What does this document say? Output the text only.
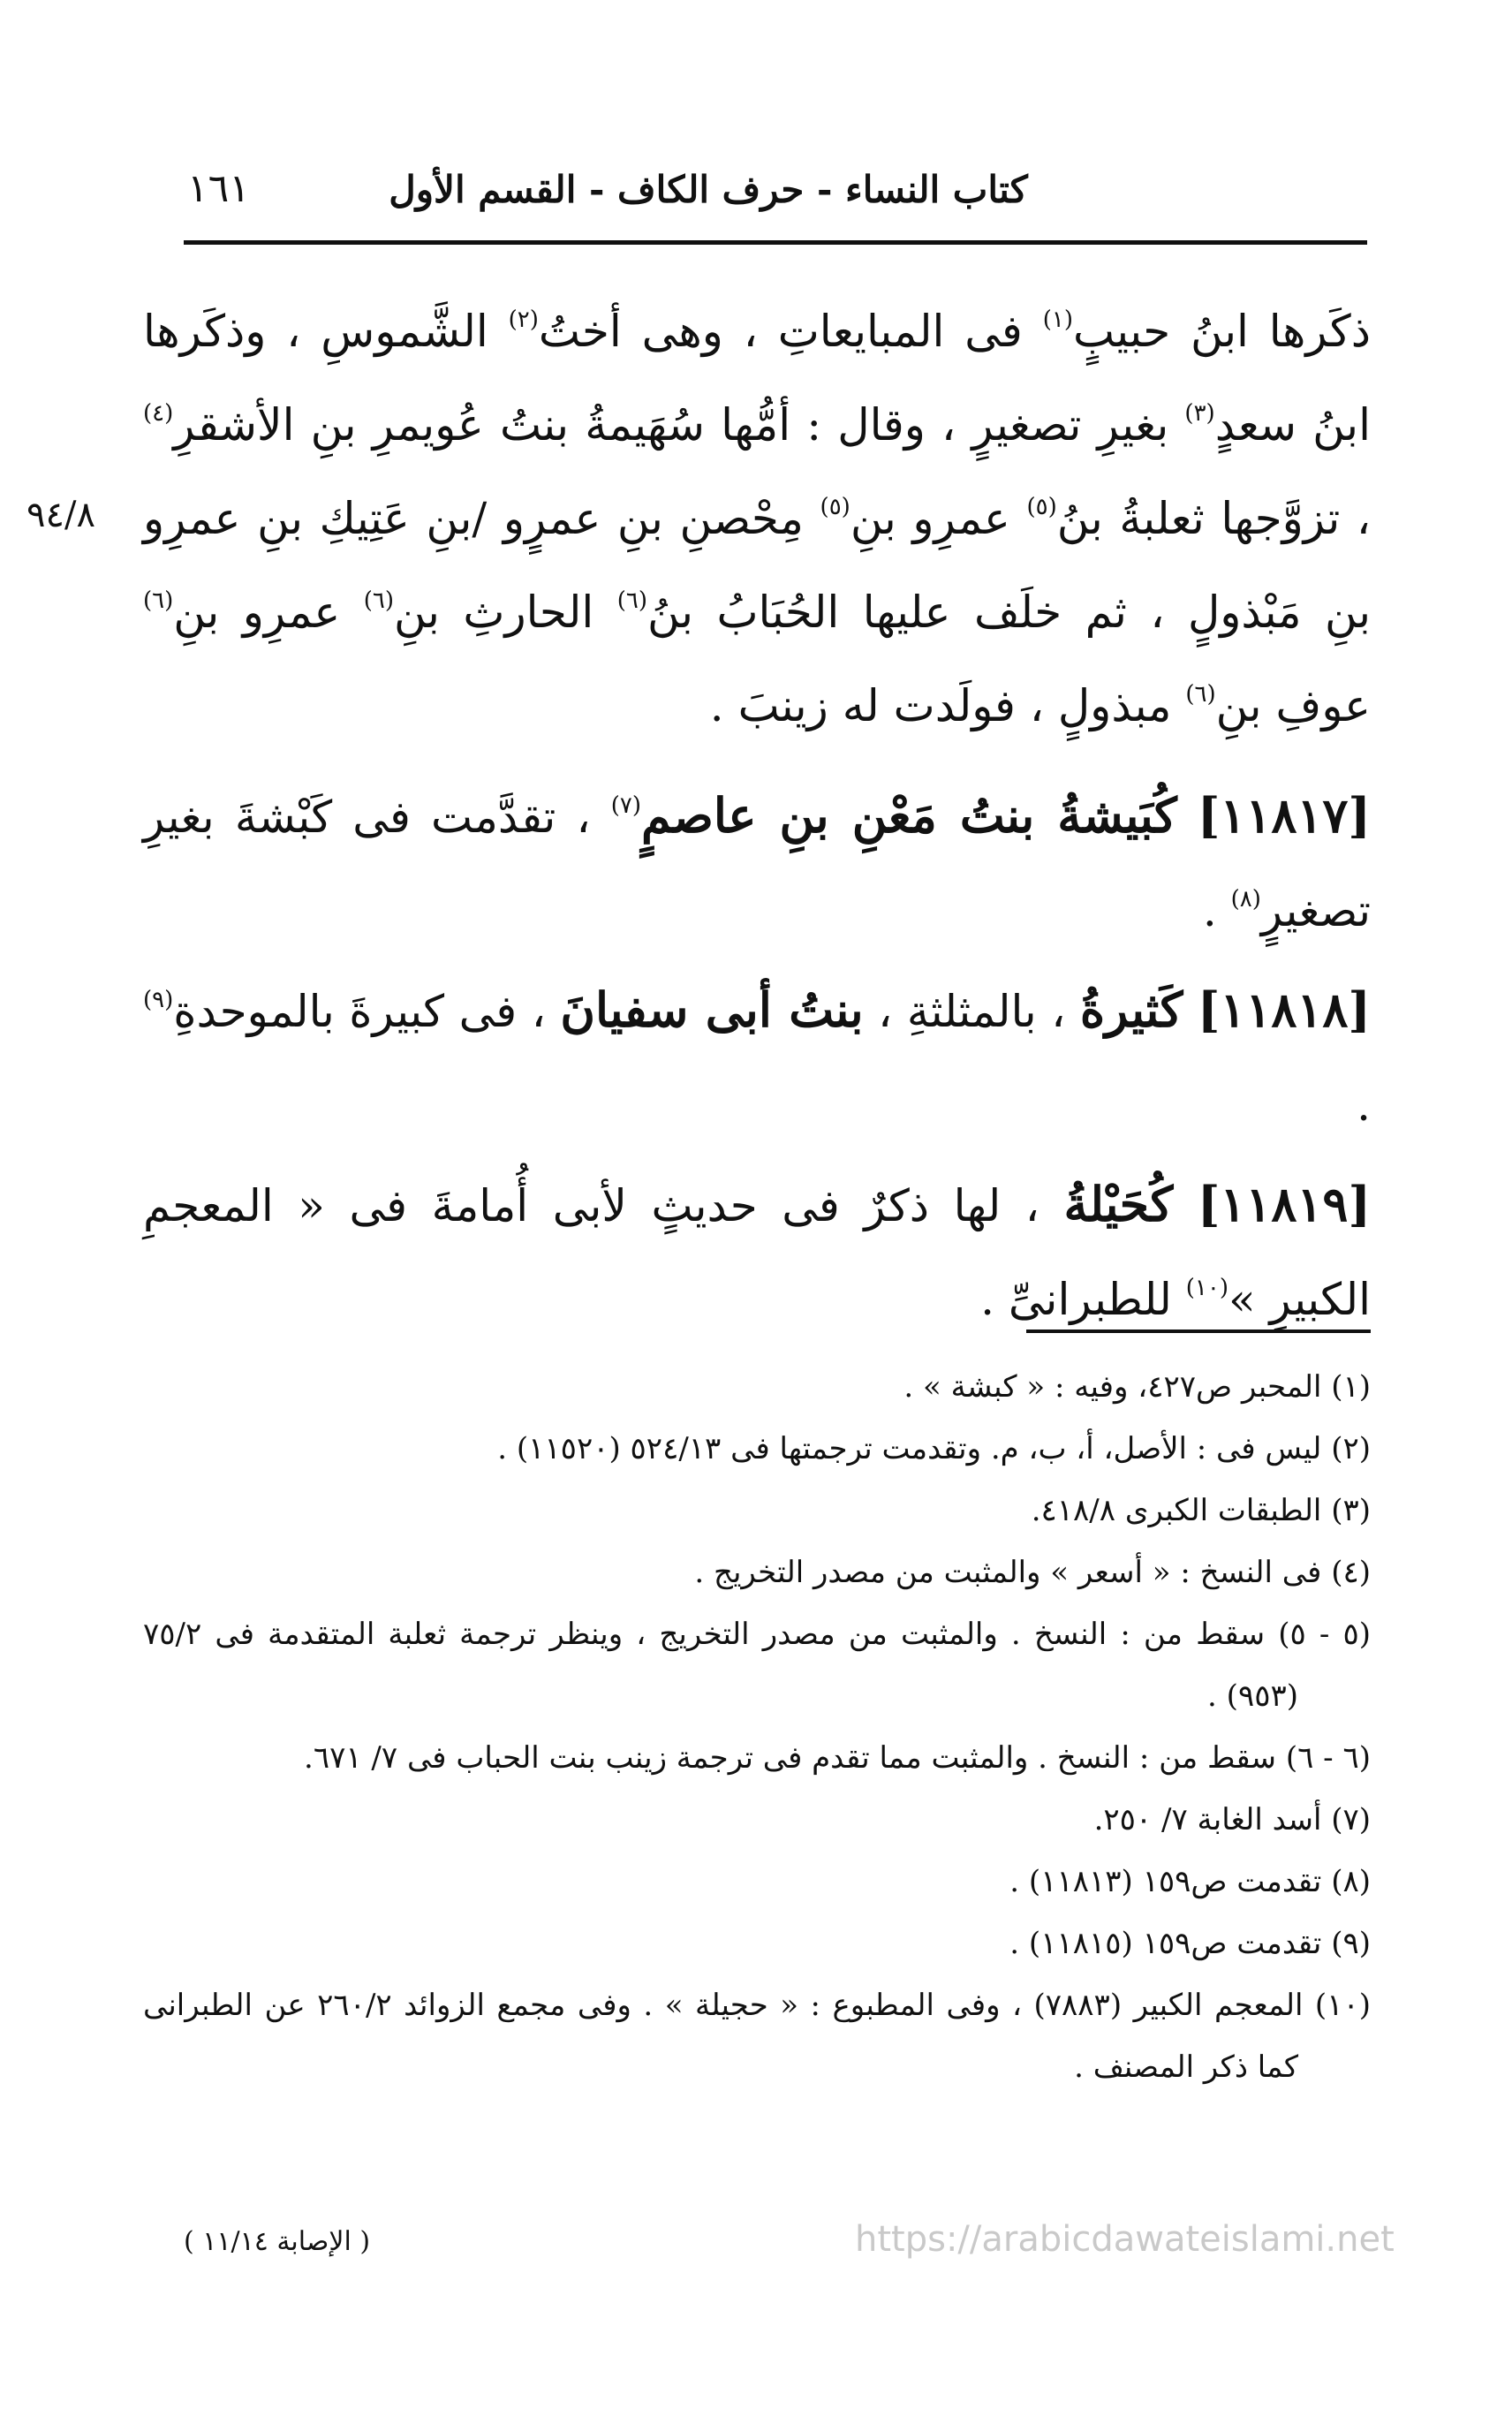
كتاب النساء - حرف الكاف - القسم الأول
١٦١
٩٤/٨

ذكَرها ابنُ حبيبٍ$^{(١)}$ فى المبايعاتِ ، وهى أختُ$^{(٢)}$ الشَّموسِ ، وذكَرها ابنُ سعدٍ$^{(٣)}$ بغيرِ تصغيرٍ ، وقال : أمُّها سُهَيمةُ بنتُ عُويمرِ بنِ الأشقرِ$^{(٤)}$ ، تزوَّجها ثعلبةُ بنُ$^{(٥)}$ عمرِو بنِ$^{(٥)}$ مِحْصنِ بنِ عمرٍو /بنِ عَتِيكِ بنِ عمرِو بنِ مَبْذولٍ ، ثم خلَف عليها الحُبَابُ بنُ$^{(٦)}$ الحارثِ بنِ$^{(٦)}$ عمرِو بنِ$^{(٦)}$ عوفِ بنِ$^{(٦)}$ مبذولٍ ، فولَدت له زينبَ .

[١١٨١٧] كُبَيشةُ بنتُ مَعْنِ بنِ عاصمٍ$^{(٧)}$ ، تقدَّمت فى كَبْشةَ بغيرِ تصغيرٍ$^{(٨)}$ .

[١١٨١٨] كَثيرةُ ، بالمثلثةِ ، بنتُ أبى سفيانَ ، فى كبيرةَ بالموحدةِ$^{(٩)}$ .

[١١٨١٩] كُحَيْلةُ ، لها ذكرٌ فى حديثٍ لأبى أُمامةَ فى « المعجمِ الكبيرِ »$^{(١٠)}$ للطبرانىِّ .

(١) المحبر ص٤٢٧، وفيه : « كبشة » .

(٢) ليس فى : الأصل، أ، ب، م. وتقدمت ترجمتها فى ٥٢٤/١٣ (١١٥٢٠) .

(٣) الطبقات الكبرى ٤١٨/٨.

(٤) فى النسخ : « أسعر » والمثبت من مصدر التخريج .

(٥ - ٥) سقط من : النسخ . والمثبت من مصدر التخريج ، وينظر ترجمة ثعلبة المتقدمة فى ٧٥/٢ (٩٥٣) .

(٦ - ٦) سقط من : النسخ . والمثبت مما تقدم فى ترجمة زينب بنت الحباب فى ٧/ ٦٧١.

(٧) أسد الغابة ٧/ ٢٥٠.

(٨) تقدمت ص١٥٩ (١١٨١٣) .

(٩) تقدمت ص١٥٩ (١١٨١٥) .

(١٠) المعجم الكبير (٧٨٨٣) ، وفى المطبوع : « حجيلة » . وفى مجمع الزوائد ٢٦٠/٢ عن الطبرانى كما ذكر المصنف .

( الإصابة ١١/١٤ )	https://arabicdawateislami.net
